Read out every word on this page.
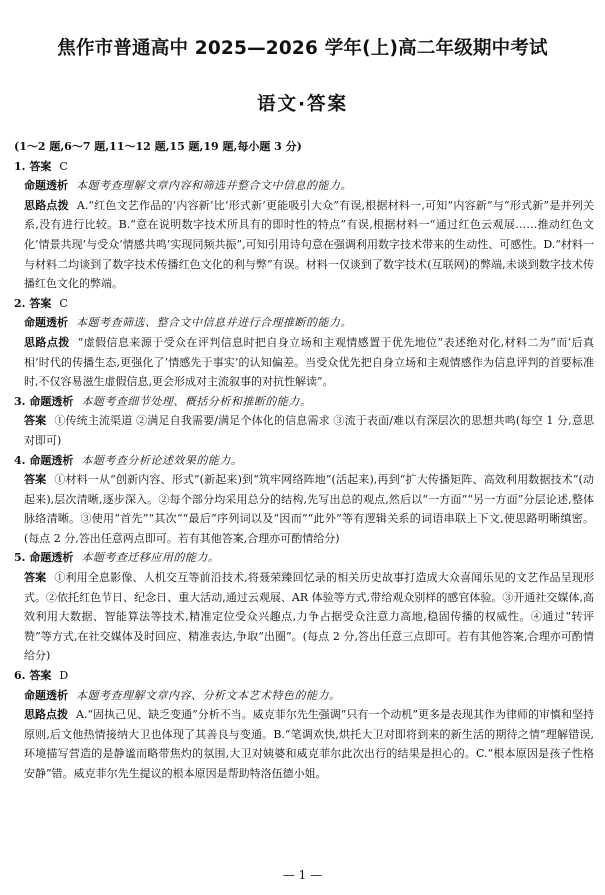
焦作市普通高中 2025—2026 学年(上)高二年级期中考试
语文·答案

(1～2 题,6～7 题,11～12 题,15 题,19 题,每小题 3 分)

1. 答案 C

命题透析 本题考查理解文章内容和筛选并整合文中信息的能力。

思路点拨 A.“红色文艺作品的‘内容新’比‘形式新’更能吸引大众”有误,根据材料一,可知“内容新”与“形式新”是并列关系,没有进行比较。B.“意在说明数字技术所具有的即时性的特点”有误,根据材料一“通过红色云观展……推动红色文化‘情景共现’与受众‘情感共鸣’实现同频共振”,可知引用诗句意在强调利用数字技术带来的生动性、可感性。D.“材料一与材料二均谈到了数字技术传播红色文化的利与弊”有误。材料一仅谈到了数字技术(互联网)的弊端,未谈到数字技术传播红色文化的弊端。

2. 答案 C

命题透析 本题考查筛选、整合文中信息并进行合理推断的能力。

思路点拨 “虚假信息来源于受众在评判信息时把自身立场和主观情感置于优先地位”表述绝对化,材料二为“而‘后真相’时代的传播生态,更强化了‘情感先于事实’的认知偏差。当受众优先把自身立场和主观情感作为信息评判的首要标准时,不仅容易滋生虚假信息,更会形成对主流叙事的对抗性解读”。

3. 命题透析 本题考查细节处理、概括分析和推断的能力。

答案 ①传统主流渠道 ②满足自我需要/满足个体化的信息需求 ③流于表面/难以有深层次的思想共鸣(每空 1 分,意思对即可)

4. 命题透析 本题考查分析论述效果的能力。

答案 ①材料一从“创新内容、形式”(新起来)到“筑牢网络阵地”(活起来),再到“扩大传播矩阵、高效利用数据技术”(动起来),层次清晰,逐步深入。②每个部分均采用总分的结构,先写出总的观点,然后以“一方面”“另一方面”分层论述,整体脉络清晰。③使用“首先”“其次”“最后”序列词以及“因而”“此外”等有逻辑关系的词语串联上下文,使思路明晰缜密。(每点 2 分,答出任意两点即可。若有其他答案,合理亦可酌情给分)

5. 命题透析 本题考查迁移应用的能力。

答案 ①利用全息影像、人机交互等前沿技术,将聂荣臻回忆录的相关历史故事打造成大众喜闻乐见的文艺作品呈现形式。②依托红色节日、纪念日、重大活动,通过云观展、AR 体验等方式,带给观众别样的感官体验。③开通社交媒体,高效利用大数据、智能算法等技术,精准定位受众兴趣点,力争占据受众注意力高地,稳固传播的权威性。④通过“转评赞”等方式,在社交媒体及时回应、精准表达,争取“出圈”。(每点 2 分,答出任意三点即可。若有其他答案,合理亦可酌情给分)

6. 答案 D

命题透析 本题考查理解文章内容、分析文本艺术特色的能力。

思路点拨 A.“固执己见、缺乏变通”分析不当。威克菲尔先生强调“只有一个动机”更多是表现其作为律师的审慎和坚持原则,后文他热情接纳大卫也体现了其善良与变通。B.“笔调欢快,烘托大卫对即将到来的新生活的期待之情”理解错误,环境描写营造的是静谧而略带焦灼的氛围,大卫对姨婆和威克菲尔此次出行的结果是担心的。C.“根本原因是孩子性格安静”错。威克菲尔先生提议的根本原因是帮助特洛伍德小姐。

— 1 —
